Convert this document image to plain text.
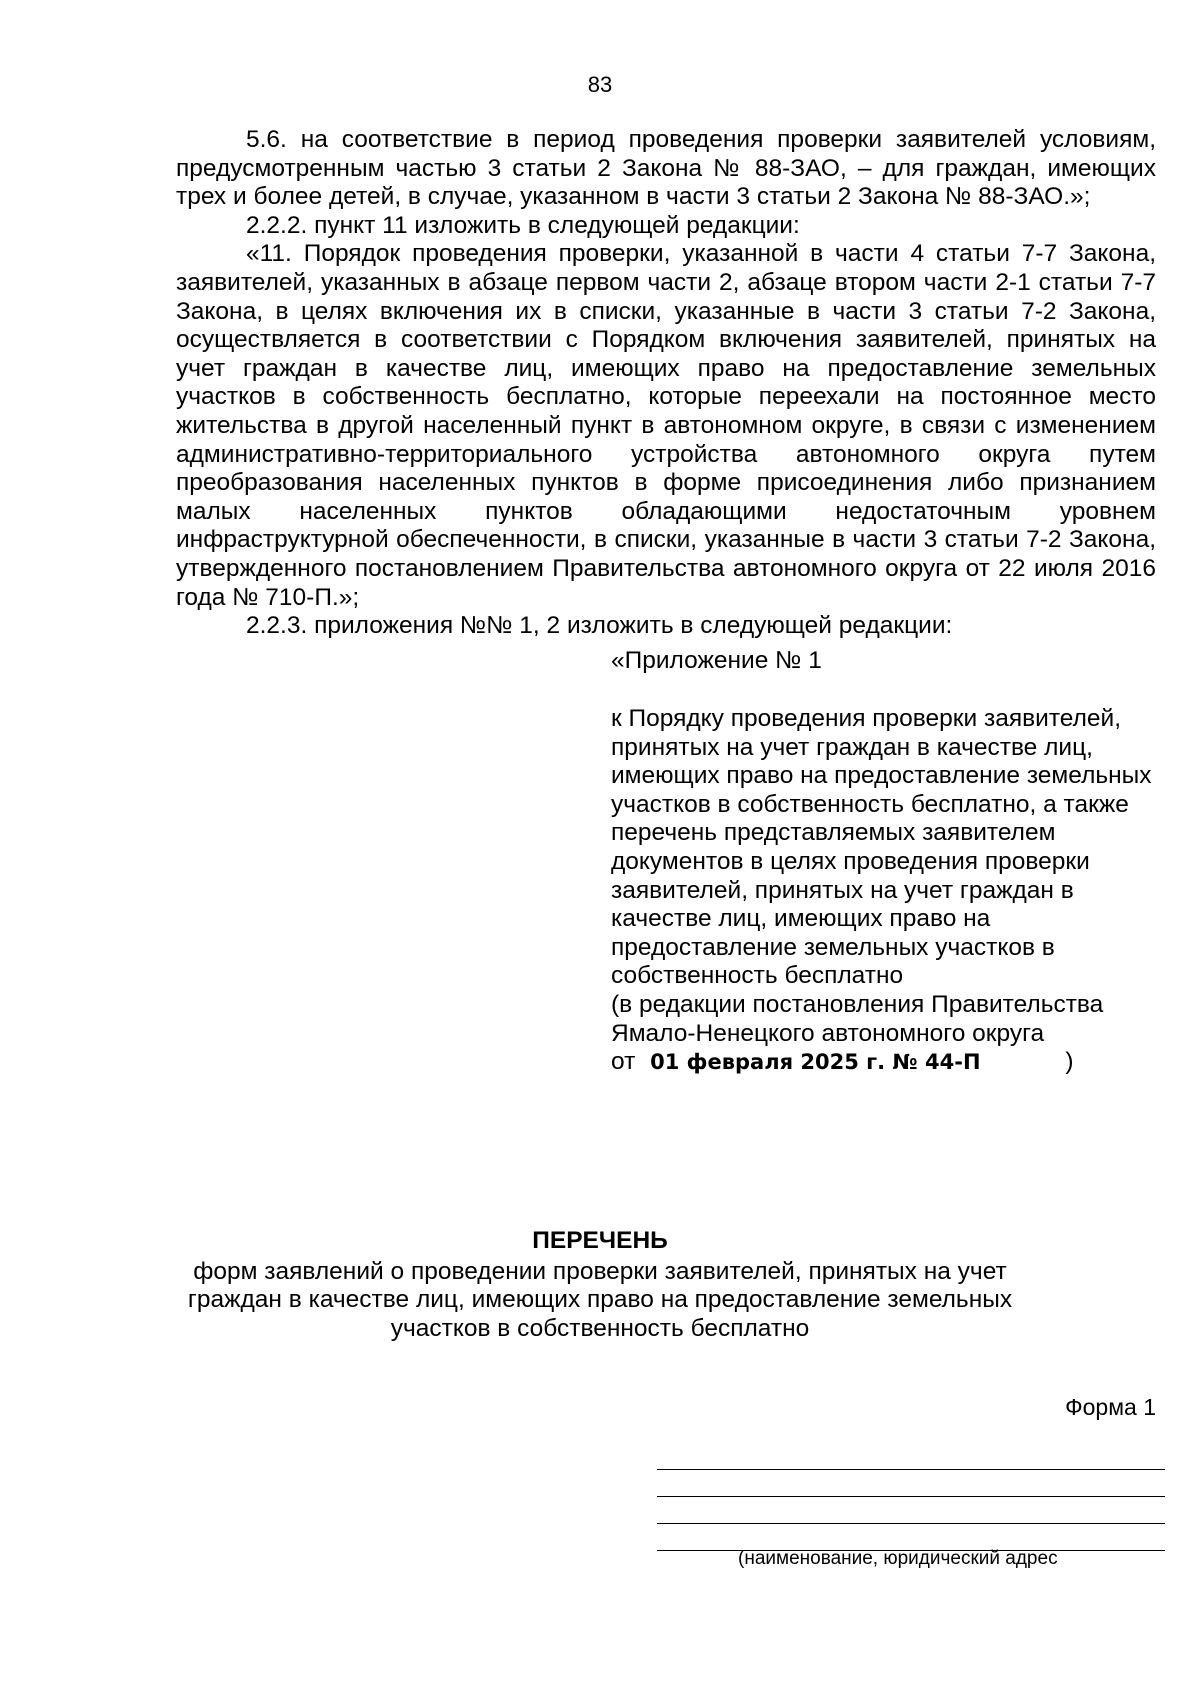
83

5.6. на соответствие в период проведения проверки заявителей условиям, предусмотренным частью 3 статьи 2 Закона № 88-ЗАО, – для граждан, имеющих трех и более детей, в случае, указанном в части 3 статьи 2 Закона № 88-ЗАО.»;

2.2.2. пункт 11 изложить в следующей редакции:

«11. Порядок проведения проверки, указанной в части 4 статьи 7-7 Закона, заявителей, указанных в абзаце первом части 2, абзаце втором части 2-1 статьи 7-7 Закона, в целях включения их в списки, указанные в части 3 статьи 7-2 Закона, осуществляется в соответствии с Порядком включения заявителей, принятых на учет граждан в качестве лиц, имеющих право на предоставление земельных участков в собственность бесплатно, которые переехали на постоянное место жительства в другой населенный пункт в автономном округе, в связи с изменением административно-территориального устройства автономного округа путем преобразования населенных пунктов в форме присоединения либо признанием малых населенных пунктов обладающими недостаточным уровнем инфраструктурной обеспеченности, в списки, указанные в части 3 статьи 7-2 Закона, утвержденного постановлением Правительства автономного округа от 22 июля 2016 года № 710-П.»;

2.2.3. приложения №№ 1, 2 изложить в следующей редакции:

«Приложение № 1

к Порядку проведения проверки заявителей, принятых на учет граждан в качестве лиц, имеющих право на предоставление земельных участков в собственность бесплатно, а также перечень представляемых заявителем документов в целях проведения проверки заявителей, принятых на учет граждан в качестве лиц, имеющих право на предоставление земельных участков в собственность бесплатно

(в редакции постановления Правительства

Ямало-Ненецкого автономного округа

от 01 февраля 2025 г. № 44-П	)

ПЕРЕЧЕНЬ

форм заявлений о проведении проверки заявителей, принятых на учет

граждан в качестве лиц, имеющих право на предоставление земельных

участков в собственность бесплатно

Форма 1
(наименование, юридический адрес
